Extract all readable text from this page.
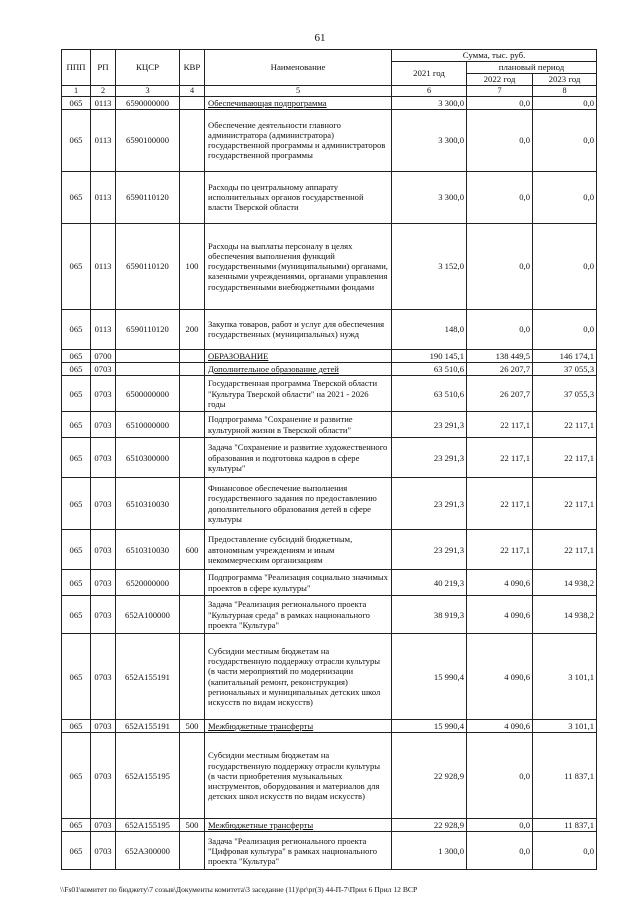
61
ППП	РП	КЦСР	КВР	Наименование	Сумма, тыс. руб.		
					2021 год	плановый период	
						2022 год	2023 год
1	2	3	4	5	6	7	8
065	0113	6590000000		Обеспечивающая подпрограмма	3 300,0	0,0	0,0
065	0113	6590100000		Обеспечение деятельности главного администратора (администратора) государственной программы и администраторов государственной программы	3 300,0	0,0	0,0
065	0113	6590110120		Расходы по центральному аппарату исполнительных органов государственной власти Тверской области	3 300,0	0,0	0,0
065	0113	6590110120	100	Расходы на выплаты персоналу в целях обеспечения выполнения функций государственными (муниципальными) органами, казенными учреждениями, органами управления государственными внебюджетными фондами	3 152,0	0,0	0,0
065	0113	6590110120	200	Закупка товаров, работ и услуг для обеспечения государственных (муниципальных) нужд	148,0	0,0	0,0
065	0700			ОБРАЗОВАНИЕ	190 145,1	138 449,5	146 174,1
065	0703			Дополнительное образование детей	63 510,6	26 207,7	37 055,3
065	0703	6500000000		Государственная программа Тверской области "Культура Тверской области" на 2021 - 2026 годы	63 510,6	26 207,7	37 055,3
065	0703	6510000000		Подпрограмма "Сохранение и развитие культурной жизни в Тверской области"	23 291,3	22 117,1	22 117,1
065	0703	6510300000		Задача "Сохранение и развитие художественного образования и подготовка кадров в сфере культуры"	23 291,3	22 117,1	22 117,1
065	0703	6510310030		Финансовое обеспечение выполнения государственного задания по предоставлению дополнительного образования детей в сфере культуры	23 291,3	22 117,1	22 117,1
065	0703	6510310030	600	Предоставление субсидий бюджетным, автономным учреждениям и иным некоммерческим организациям	23 291,3	22 117,1	22 117,1
065	0703	6520000000		Подпрограмма "Реализация социально значимых проектов в сфере культуры"	40 219,3	4 090,6	14 938,2
065	0703	652A100000		Задача "Реализация регионального проекта "Культурная среда" в рамках национального проекта "Культура"	38 919,3	4 090,6	14 938,2
065	0703	652A155191		Субсидии местным бюджетам на государственную поддержку отрасли культуры (в части мероприятий по модернизации (капитальный ремонт, реконструкция) региональных и муниципальных детских школ искусств по видам искусств)	15 990,4	4 090,6	3 101,1
065	0703	652A155191	500	Межбюджетные трансферты	15 990,4	4 090,6	3 101,1
065	0703	652A155195		Субсидии местным бюджетам на государственную поддержку отрасли культуры (в части приобретения музыкальных инструментов, оборудования и материалов для детских школ искусств по видам искусств)	22 928,9	0,0	11 837,1
065	0703	652A155195	500	Межбюджетные трансферты	22 928,9	0,0	11 837,1
065	0703	652A300000		Задача "Реализация регионального проекта "Цифровая культура" в рамках национального проекта "Культура"	1 300,0	0,0	0,0
\\Fs01\комитет по бюджету\7 созыв\Документы комитета\3 заседание (11)\pr\pr(3) 44-П-7\Прил 6 Прил 12 ВСР
